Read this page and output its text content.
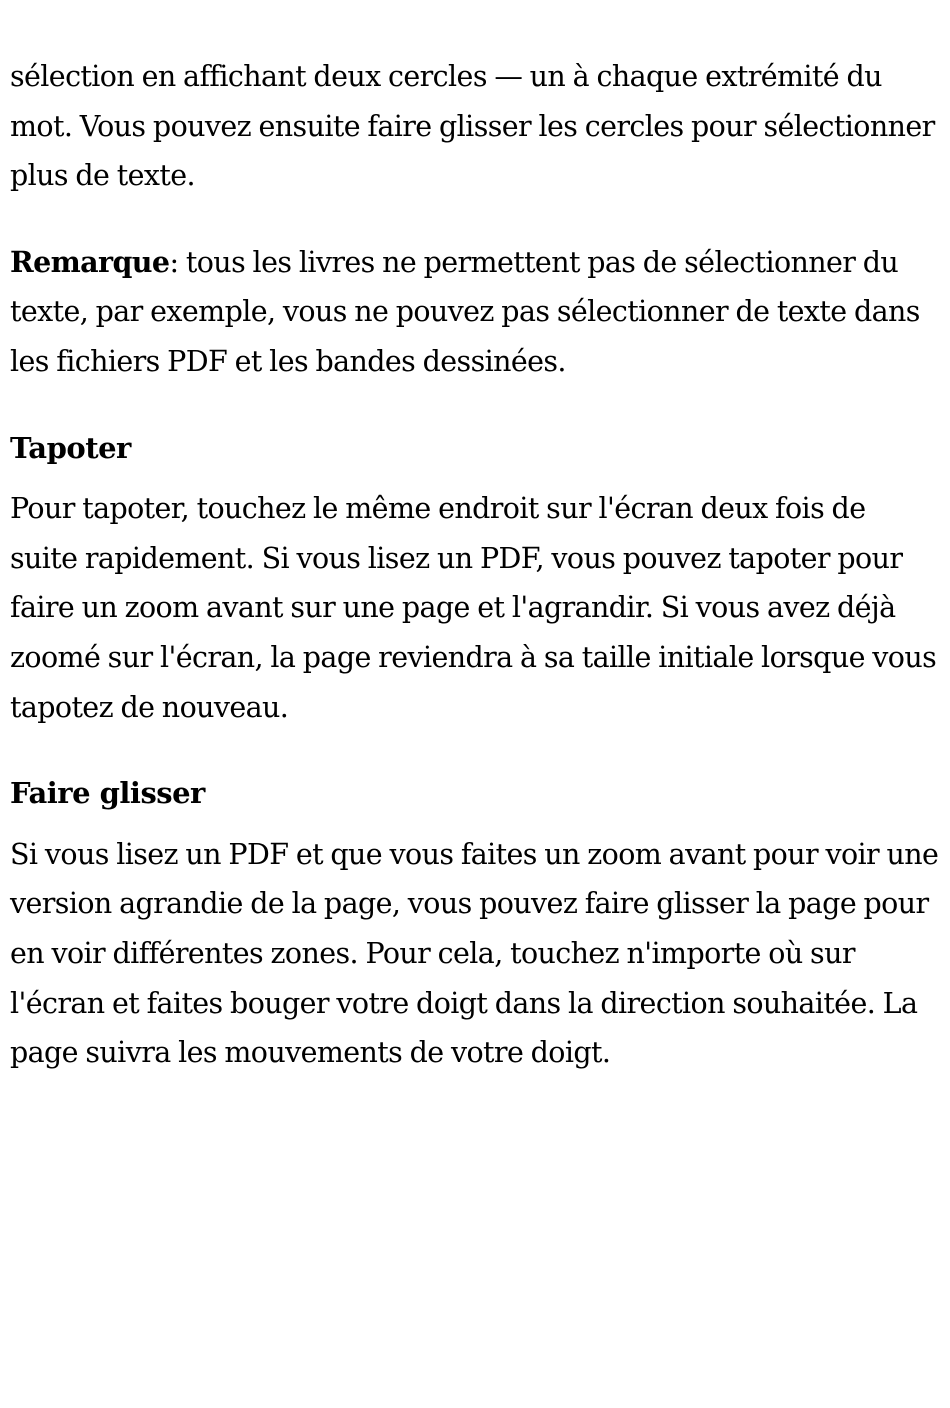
sélection en affichant deux cercles — un à chaque extrémité du mot. Vous pouvez ensuite faire glisser les cercles pour sélectionner plus de texte.

Remarque: tous les livres ne permettent pas de sélectionner du texte, par exemple, vous ne pouvez pas sélectionner de texte dans les fichiers PDF et les bandes dessinées.

Tapoter

Pour tapoter, touchez le même endroit sur l'écran deux fois de suite rapidement. Si vous lisez un PDF, vous pouvez tapoter pour faire un zoom avant sur une page et l'agrandir. Si vous avez déjà zoomé sur l'écran, la page reviendra à sa taille initiale lorsque vous tapotez de nouveau.

Faire glisser

Si vous lisez un PDF et que vous faites un zoom avant pour voir une version agrandie de la page, vous pouvez faire glisser la page pour en voir différentes zones. Pour cela, touchez n'importe où sur l'écran et faites bouger votre doigt dans la direction souhaitée. La page suivra les mouvements de votre doigt.
